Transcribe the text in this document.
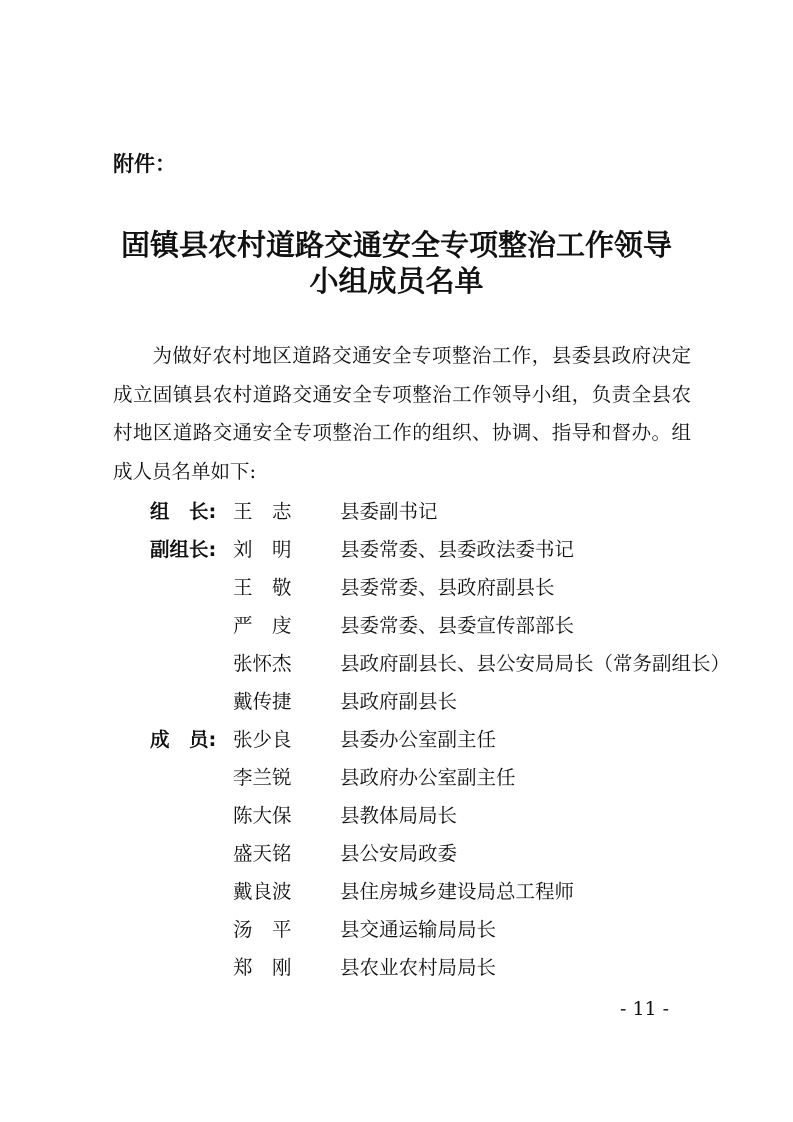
附件：
固镇县农村道路交通安全专项整治工作领导
小组成员名单
为做好农村地区道路交通安全专项整治工作，县委县政府决定成立固镇县农村道路交通安全专项整治工作领导小组，负责全县农村地区道路交通安全专项整治工作的组织、协调、指导和督办。组成人员名单如下:
组　长: 王　志 县委副书记
副组长: 刘　明 县委常委、县委政法委书记
王　敬 县委常委、县政府副县长
严　庋 县委常委、县委宣传部部长
张怀杰 县政府副县长、县公安局局长（常务副组长）
戴传捷 县政府副县长
成　员: 张少良 县委办公室副主任
李兰锐 县政府办公室副主任
陈大保 县教体局局长
盛天铭 县公安局政委
戴良波 县住房城乡建设局总工程师
汤　平 县交通运输局局长
郑　刚 县农业农村局局长
- 11 -
